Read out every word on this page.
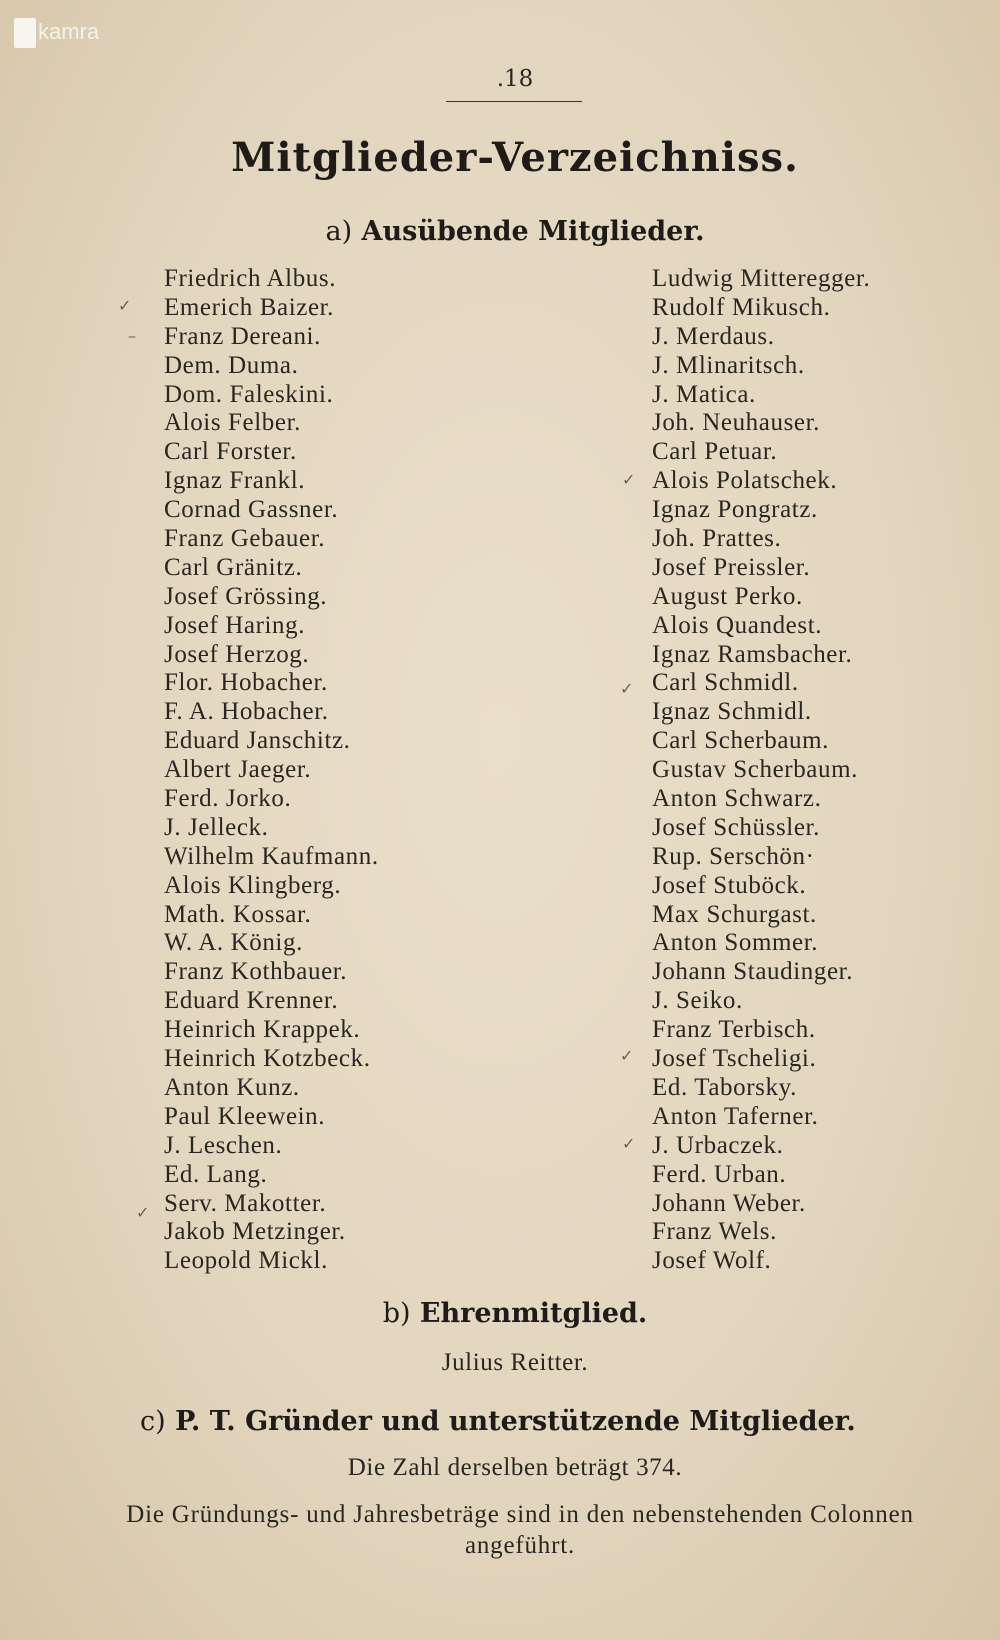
kamra
.18
Mitglieder-Verzeichniss.
a) Ausübende Mitglieder.
Friedrich Albus.
Emerich Baizer.
Franz Dereani.
Dem. Duma.
Dom. Faleskini.
Alois Felber.
Carl Forster.
Ignaz Frankl.
Cornad Gassner.
Franz Gebauer.
Carl Gränitz.
Josef Grössing.
Josef Haring.
Josef Herzog.
Flor. Hobacher.
F. A. Hobacher.
Eduard Janschitz.
Albert Jaeger.
Ferd. Jorko.
J. Jelleck.
Wilhelm Kaufmann.
Alois Klingberg.
Math. Kossar.
W. A. König.
Franz Kothbauer.
Eduard Krenner.
Heinrich Krappek.
Heinrich Kotzbeck.
Anton Kunz.
Paul Kleewein.
J. Leschen.
Ed. Lang.
Serv. Makotter.
Jakob Metzinger.
Leopold Mickl.
Ludwig Mitteregger.
Rudolf Mikusch.
J. Merdaus.
J. Mlinaritsch.
J. Matica.
Joh. Neuhauser.
Carl Petuar.
Alois Polatschek.
Ignaz Pongratz.
Joh. Prattes.
Josef Preissler.
August Perko.
Alois Quandest.
Ignaz Ramsbacher.
Carl Schmidl.
Ignaz Schmidl.
Carl Scherbaum.
Gustav Scherbaum.
Anton Schwarz.
Josef Schüssler.
Rup. Serschön·
Josef Stuböck.
Max Schurgast.
Anton Sommer.
Johann Staudinger.
J. Seiko.
Franz Terbisch.
Josef Tscheligi.
Ed. Taborsky.
Anton Taferner.
J. Urbaczek.
Ferd. Urban.
Johann Weber.
Franz Wels.
Josef Wolf.
✓
–
✓
✓
✓
✓
✓
b) Ehrenmitglied.
Julius Reitter.
c) P. T. Gründer und unterstützende Mitglieder.
Die Zahl derselben beträgt 374.
Die Gründungs- und Jahresbeträge sind in den nebenstehenden Colonnen angeführt.
